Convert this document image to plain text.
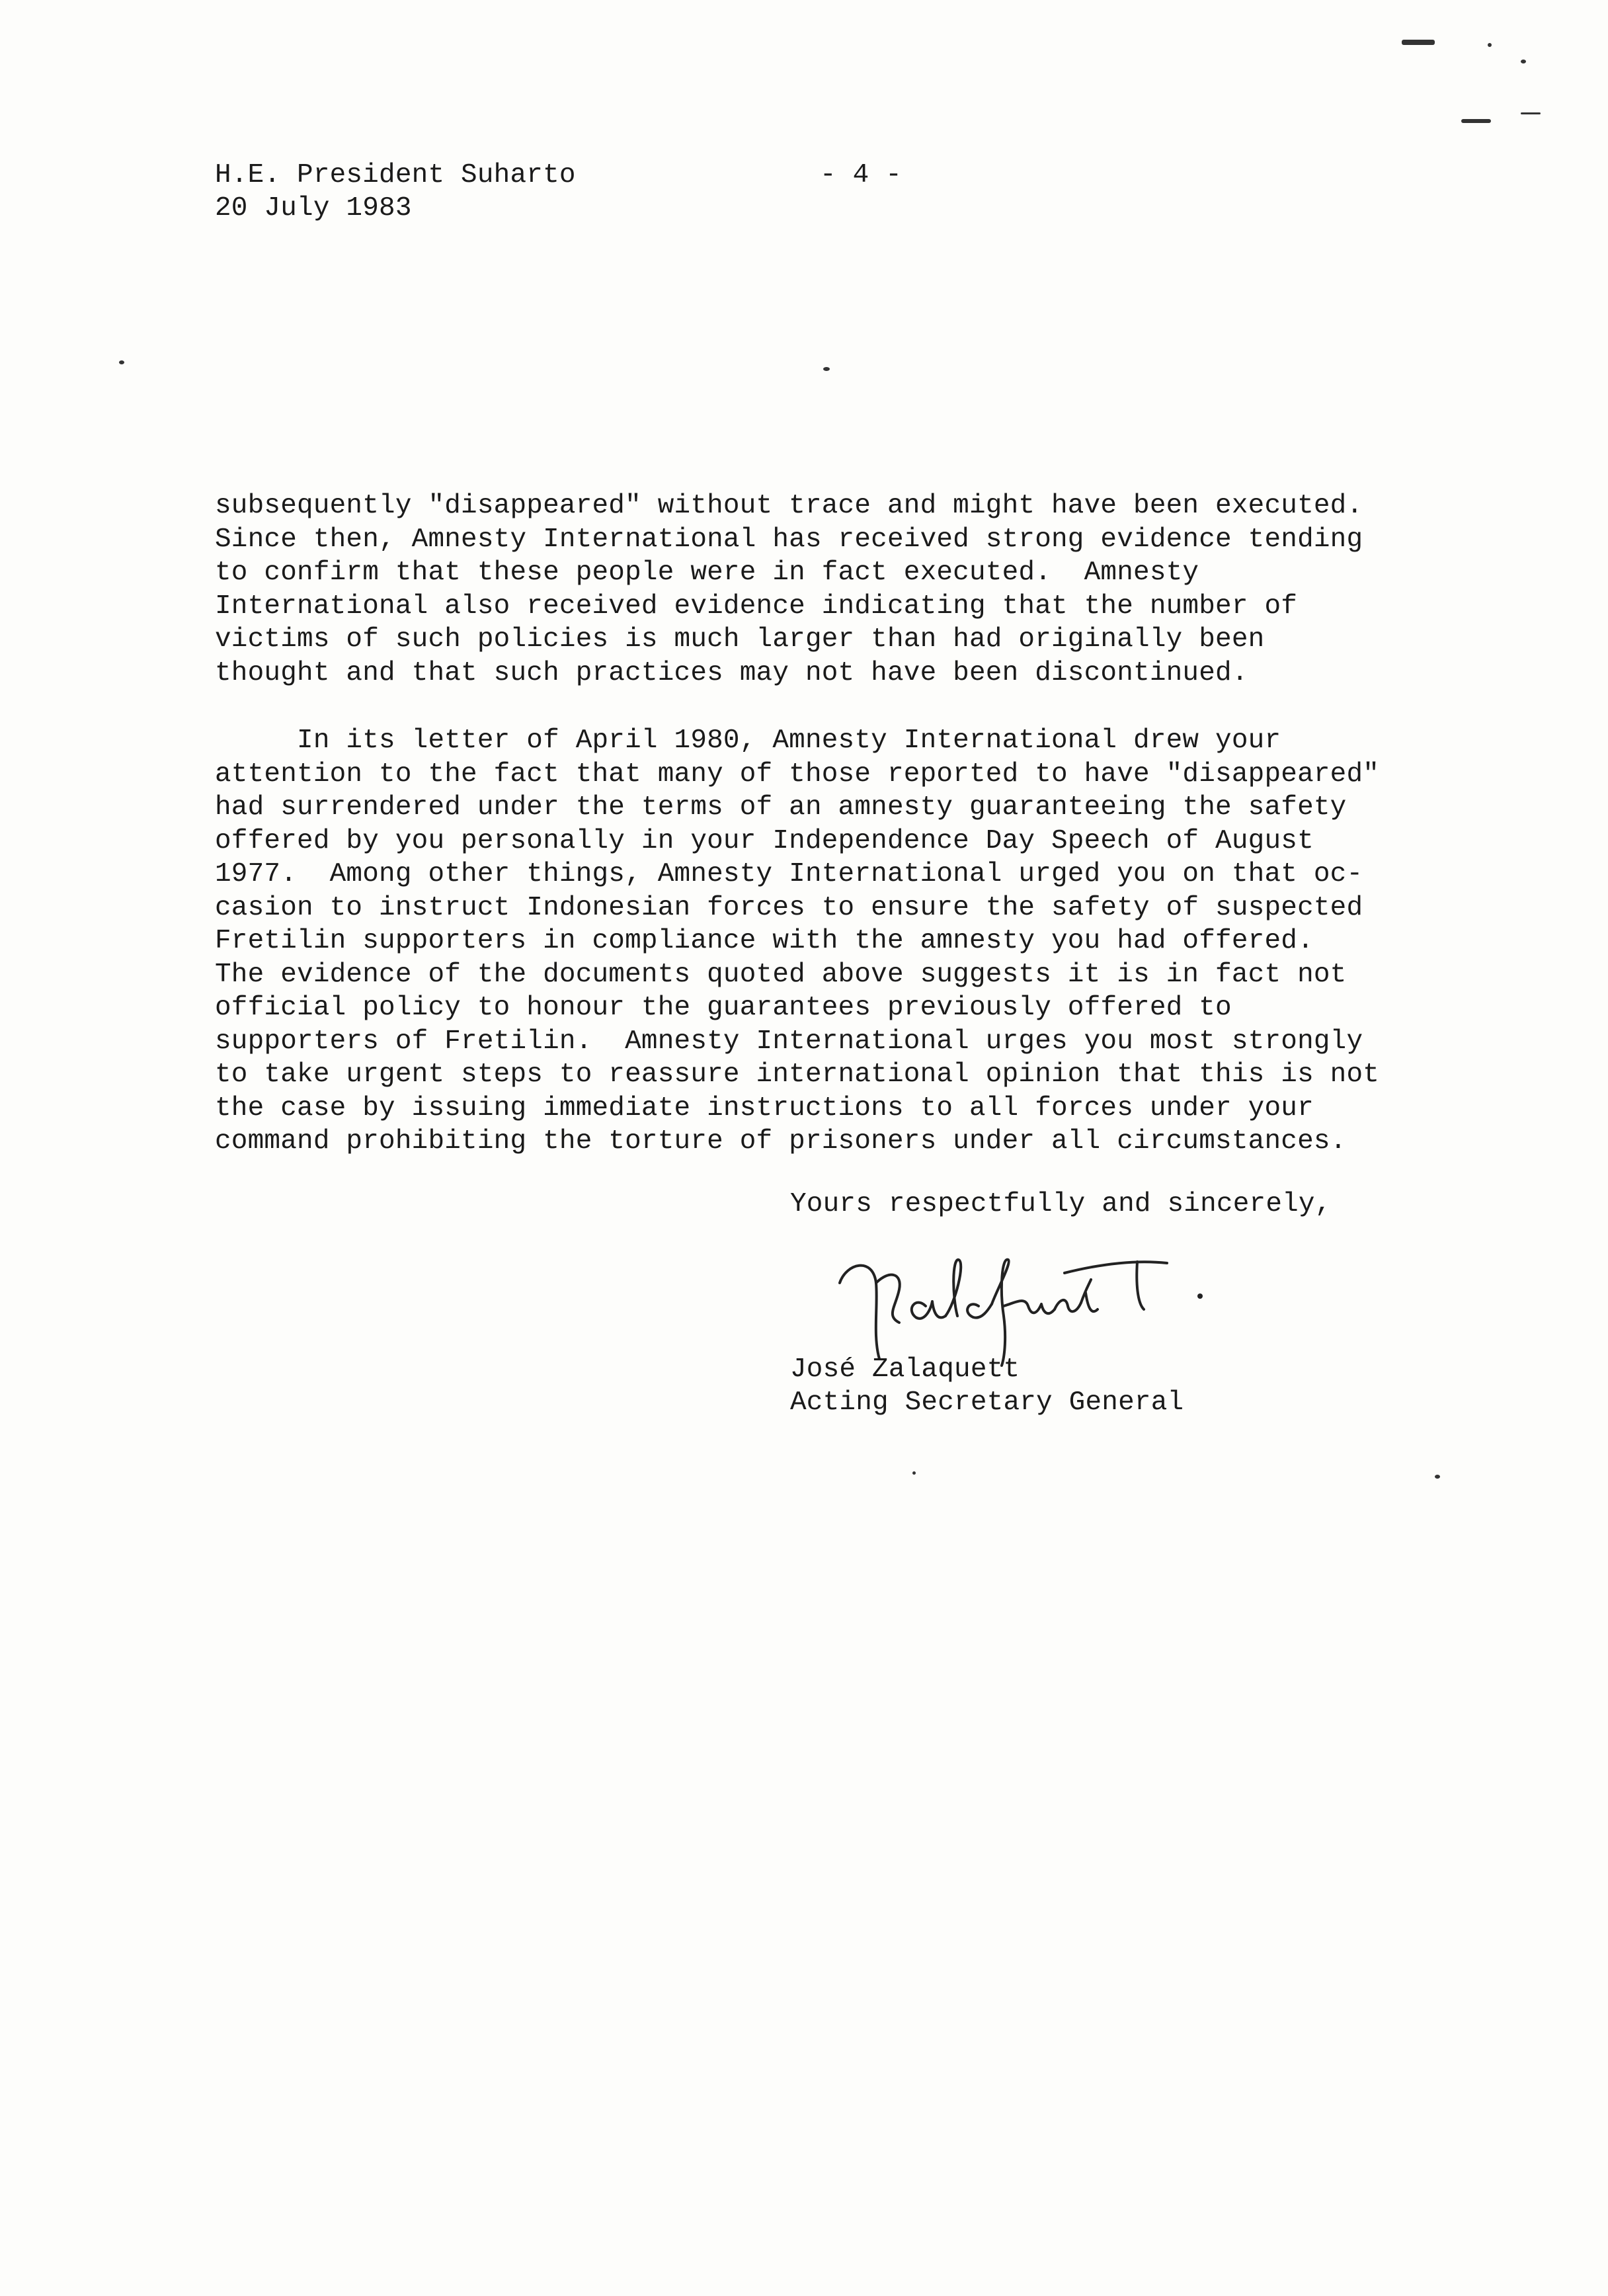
H.E. President Suharto
20 July 1983
- 4 -
subsequently "disappeared" without trace and might have been executed.
Since then, Amnesty International has received strong evidence tending
to confirm that these people were in fact executed.  Amnesty
International also received evidence indicating that the number of
victims of such policies is much larger than had originally been
thought and that such practices may not have been discontinued.
In its letter of April 1980, Amnesty International drew your
attention to the fact that many of those reported to have "disappeared"
had surrendered under the terms of an amnesty guaranteeing the safety
offered by you personally in your Independence Day Speech of August
1977.  Among other things, Amnesty International urged you on that oc-
casion to instruct Indonesian forces to ensure the safety of suspected
Fretilin supporters in compliance with the amnesty you had offered.
The evidence of the documents quoted above suggests it is in fact not
official policy to honour the guarantees previously offered to
supporters of Fretilin.  Amnesty International urges you most strongly
to take urgent steps to reassure international opinion that this is not
the case by issuing immediate instructions to all forces under your
command prohibiting the torture of prisoners under all circumstances.
Yours respectfully and sincerely,
José Zalaquett
Acting Secretary General
